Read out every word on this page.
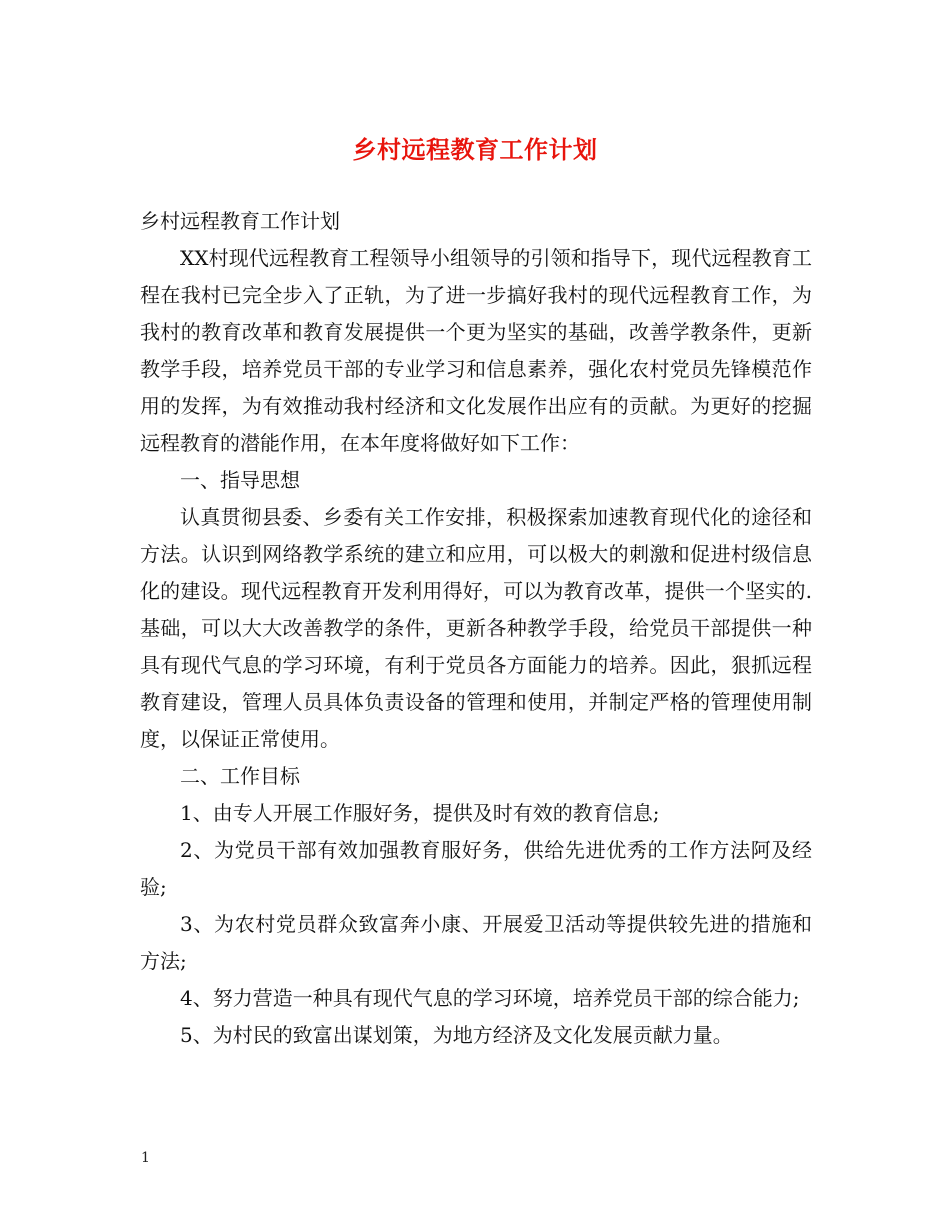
乡村远程教育工作计划

乡村远程教育工作计划

XX村现代远程教育工程领导小组领导的引领和指导下，现代远程教育工程在我村已完全步入了正轨，为了进一步搞好我村的现代远程教育工作，为我村的教育改革和教育发展提供一个更为坚实的基础，改善学教条件，更新教学手段，培养党员干部的专业学习和信息素养，强化农村党员先锋模范作用的发挥，为有效推动我村经济和文化发展作出应有的贡献。为更好的挖掘远程教育的潜能作用，在本年度将做好如下工作：

一、指导思想

认真贯彻县委、乡委有关工作安排，积极探索加速教育现代化的途径和方法。认识到网络教学系统的建立和应用，可以极大的刺激和促进村级信息化的建设。现代远程教育开发利用得好，可以为教育改革，提供一个坚实的.基础，可以大大改善教学的条件，更新各种教学手段，给党员干部提供一种具有现代气息的学习环境，有利于党员各方面能力的培养。因此，狠抓远程教育建设，管理人员具体负责设备的管理和使用，并制定严格的管理使用制度，以保证正常使用。

二、工作目标

1、由专人开展工作服好务，提供及时有效的教育信息;

2、为党员干部有效加强教育服好务，供给先进优秀的工作方法阿及经验;

3、为农村党员群众致富奔小康、开展爱卫活动等提供较先进的措施和方法;

4、努力营造一种具有现代气息的学习环境，培养党员干部的综合能力;

5、为村民的致富出谋划策，为地方经济及文化发展贡献力量。

1
